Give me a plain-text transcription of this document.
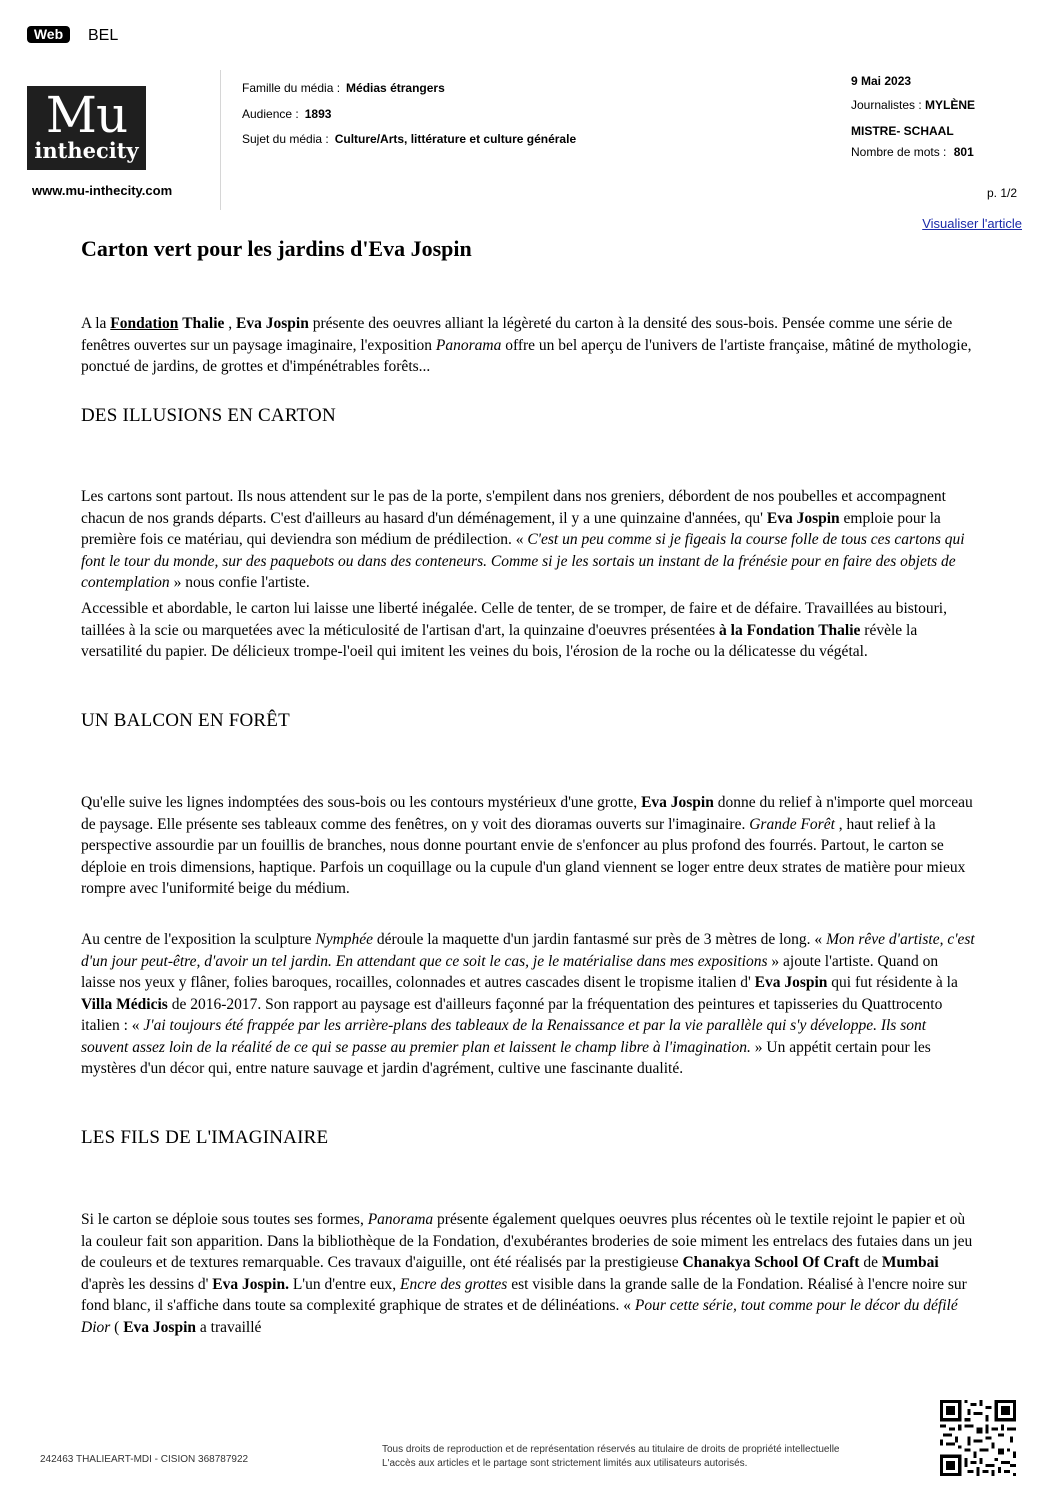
Web	BEL
Mu
inthecity
www.mu-inthecity.com
Famille du média : Médias étrangers
Audience : 1893
Sujet du média : Culture/Arts, littérature et culture générale
9 Mai 2023
Journalistes : MYLÈNE
MISTRE- SCHAAL
Nombre de mots : 801
p. 1/2
Visualiser l'article
Carton vert pour les jardins d'Eva Jospin

A la Fondation Thalie , Eva Jospin présente des oeuvres alliant la légèreté du carton à la densité des sous-bois. Pensée comme une série de fenêtres ouvertes sur un paysage imaginaire, l'exposition Panorama offre un bel aperçu de l'univers de l'artiste française, mâtiné de mythologie, ponctué de jardins, de grottes et d'impénétrables forêts...

DES ILLUSIONS EN CARTON

Les cartons sont partout. Ils nous attendent sur le pas de la porte, s'empilent dans nos greniers, débordent de nos poubelles et accompagnent chacun de nos grands départs. C'est d'ailleurs au hasard d'un déménagement, il y a une quinzaine d'années, qu' Eva Jospin emploie pour la première fois ce matériau, qui deviendra son médium de prédilection. « C'est un peu comme si je figeais la course folle de tous ces cartons qui font le tour du monde, sur des paquebots ou dans des conteneurs. Comme si je les sortais un instant de la frénésie pour en faire des objets de contemplation » nous confie l'artiste.

Accessible et abordable, le carton lui laisse une liberté inégalée. Celle de tenter, de se tromper, de faire et de défaire. Travaillées au bistouri, taillées à la scie ou marquetées avec la méticulosité de l'artisan d'art, la quinzaine d'oeuvres présentées à la Fondation Thalie révèle la versatilité du papier. De délicieux trompe-l'oeil qui imitent les veines du bois, l'érosion de la roche ou la délicatesse du végétal.

UN BALCON EN FORÊT

Qu'elle suive les lignes indomptées des sous-bois ou les contours mystérieux d'une grotte, Eva Jospin donne du relief à n'importe quel morceau de paysage. Elle présente ses tableaux comme des fenêtres, on y voit des dioramas ouverts sur l'imaginaire. Grande Forêt , haut relief à la perspective assourdie par un fouillis de branches, nous donne pourtant envie de s'enfoncer au plus profond des fourrés. Partout, le carton se déploie en trois dimensions, haptique. Parfois un coquillage ou la cupule d'un gland viennent se loger entre deux strates de matière pour mieux rompre avec l'uniformité beige du médium.

Au centre de l'exposition la sculpture Nymphée déroule la maquette d'un jardin fantasmé sur près de 3 mètres de long. « Mon rêve d'artiste, c'est d'un jour peut-être, d'avoir un tel jardin. En attendant que ce soit le cas, je le matérialise dans mes expositions » ajoute l'artiste. Quand on laisse nos yeux y flâner, folies baroques, rocailles, colonnades et autres cascades disent le tropisme italien d' Eva Jospin qui fut résidente à la Villa Médicis de 2016-2017. Son rapport au paysage est d'ailleurs façonné par la fréquentation des peintures et tapisseries du Quattrocento italien : « J'ai toujours été frappée par les arrière-plans des tableaux de la Renaissance et par la vie parallèle qui s'y développe. Ils sont souvent assez loin de la réalité de ce qui se passe au premier plan et laissent le champ libre à l'imagination. » Un appétit certain pour les mystères d'un décor qui, entre nature sauvage et jardin d'agrément, cultive une fascinante dualité.

LES FILS DE L'IMAGINAIRE

Si le carton se déploie sous toutes ses formes, Panorama présente également quelques oeuvres plus récentes où le textile rejoint le papier et où la couleur fait son apparition. Dans la bibliothèque de la Fondation, d'exubérantes broderies de soie miment les entrelacs des futaies dans un jeu de couleurs et de textures remarquable. Ces travaux d'aiguille, ont été réalisés par la prestigieuse Chanakya School Of Craft de Mumbai d'après les dessins d' Eva Jospin. L'un d'entre eux, Encre des grottes est visible dans la grande salle de la Fondation. Réalisé à l'encre noire sur fond blanc, il s'affiche dans toute sa complexité graphique de strates et de délinéations. « Pour cette série, tout comme pour le décor du défilé Dior ( Eva Jospin a travaillé

242463 THALIEART-MDI - CISION 368787922
Tous droits de reproduction et de représentation réservés au titulaire de droits de propriété intellectuelle
L'accès aux articles et le partage sont strictement limités aux utilisateurs autorisés.
